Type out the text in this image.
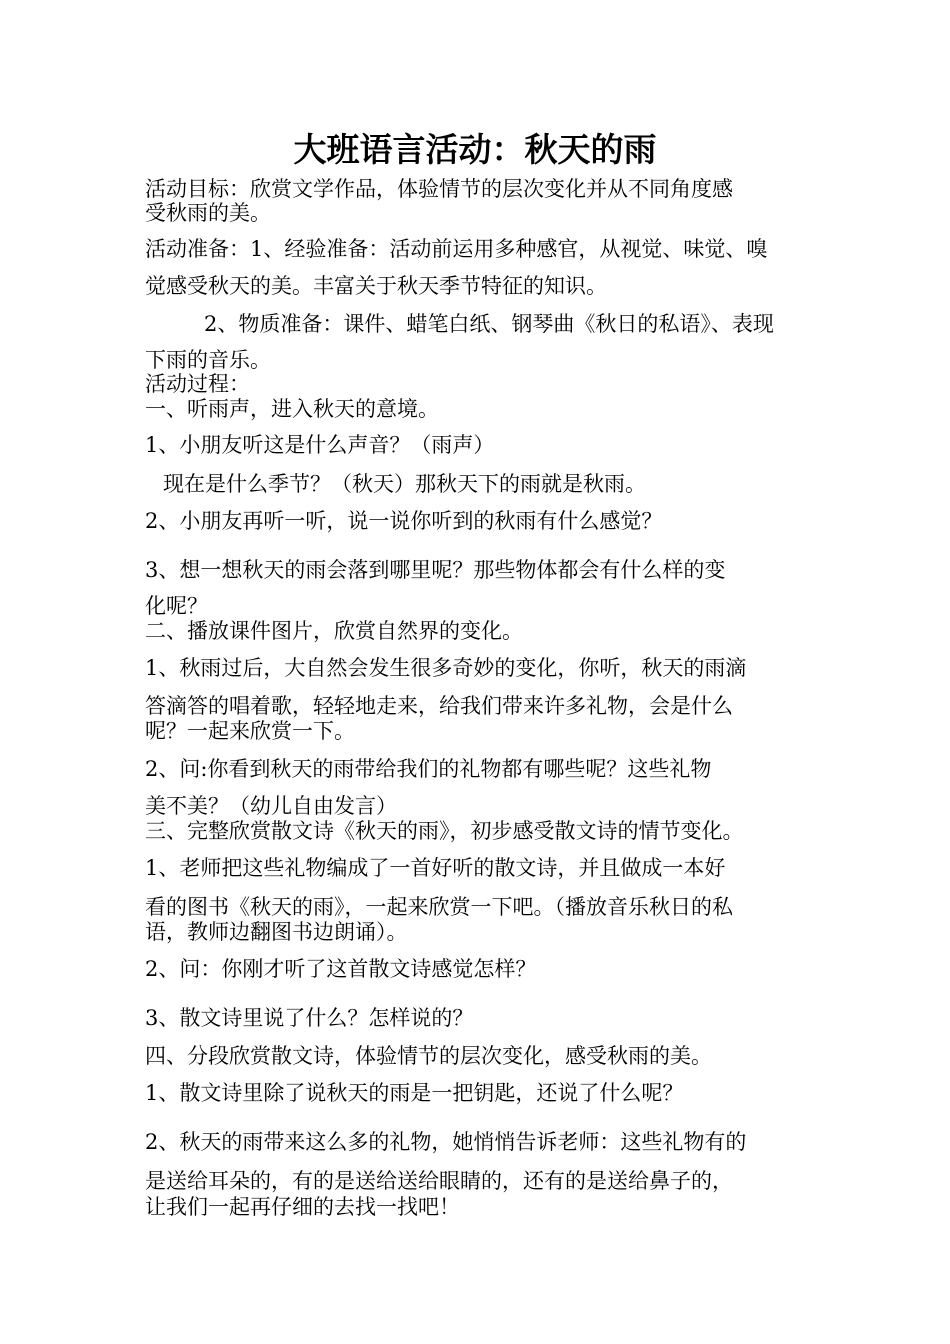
大班语言活动：秋天的雨
活动目标：欣赏文学作品，体验情节的层次变化并从不同角度感
受秋雨的美。
活动准备：1、经验准备：活动前运用多种感官，从视觉、味觉、嗅
觉感受秋天的美。丰富关于秋天季节特征的知识。
2、物质准备：课件、蜡笔白纸、钢琴曲《秋日的私语》、表现
下雨的音乐。
活动过程：
一、听雨声，进入秋天的意境。
1、小朋友听这是什么声音？（雨声）
现在是什么季节？（秋天）那秋天下的雨就是秋雨。
2、小朋友再听一听，说一说你听到的秋雨有什么感觉？
3、想一想秋天的雨会落到哪里呢？那些物体都会有什么样的变
化呢？
二、播放课件图片，欣赏自然界的变化。
1、秋雨过后，大自然会发生很多奇妙的变化，你听，秋天的雨滴
答滴答的唱着歌，轻轻地走来，给我们带来许多礼物，会是什么
呢？一起来欣赏一下。
2、问:你看到秋天的雨带给我们的礼物都有哪些呢？这些礼物
美不美？（幼儿自由发言）
三、完整欣赏散文诗《秋天的雨》，初步感受散文诗的情节变化。
1、老师把这些礼物编成了一首好听的散文诗，并且做成一本好
看的图书《秋天的雨》，一起来欣赏一下吧。（播放音乐秋日的私
语，教师边翻图书边朗诵）。
2、问：你刚才听了这首散文诗感觉怎样？
3、散文诗里说了什么？怎样说的？
四、分段欣赏散文诗，体验情节的层次变化，感受秋雨的美。
1、散文诗里除了说秋天的雨是一把钥匙，还说了什么呢？
2、秋天的雨带来这么多的礼物，她悄悄告诉老师：这些礼物有的
是送给耳朵的，有的是送给送给眼睛的，还有的是送给鼻子的，
让我们一起再仔细的去找一找吧！
